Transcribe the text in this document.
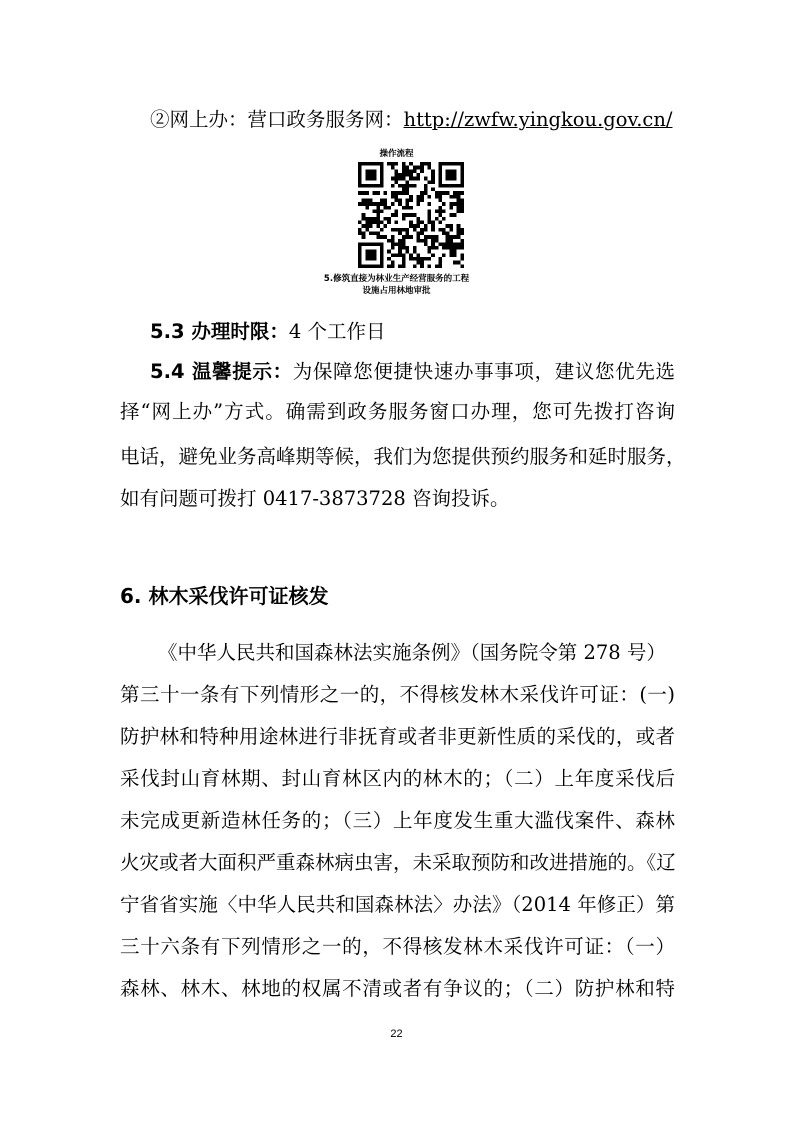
②网上办：营口政务服务网：http://zwfw.yingkou.gov.cn/
操作流程
5.修筑直接为林业生产经营服务的工程
设施占用林地审批
5.3 办理时限：4 个工作日
5.4 温馨提示：为保障您便捷快速办事事项，建议您优先选
择“网上办”方式。确需到政务服务窗口办理，您可先拨打咨询
电话，避免业务高峰期等候，我们为您提供预约服务和延时服务，
如有问题可拨打 0417-3873728 咨询投诉。
6. 林木采伐许可证核发
《中华人民共和国森林法实施条例》（国务院令第 278 号）
第三十一条有下列情形之一的，不得核发林木采伐许可证：(一)
防护林和特种用途林进行非抚育或者非更新性质的采伐的，或者
采伐封山育林期、封山育林区内的林木的；（二）上年度采伐后
未完成更新造林任务的；（三）上年度发生重大滥伐案件、森林
火灾或者大面积严重森林病虫害，未采取预防和改进措施的。《辽
宁省省实施〈中华人民共和国森林法〉办法》（2014 年修正）第
三十六条有下列情形之一的，不得核发林木采伐许可证：（一）
森林、林木、林地的权属不清或者有争议的；（二）防护林和特
22
